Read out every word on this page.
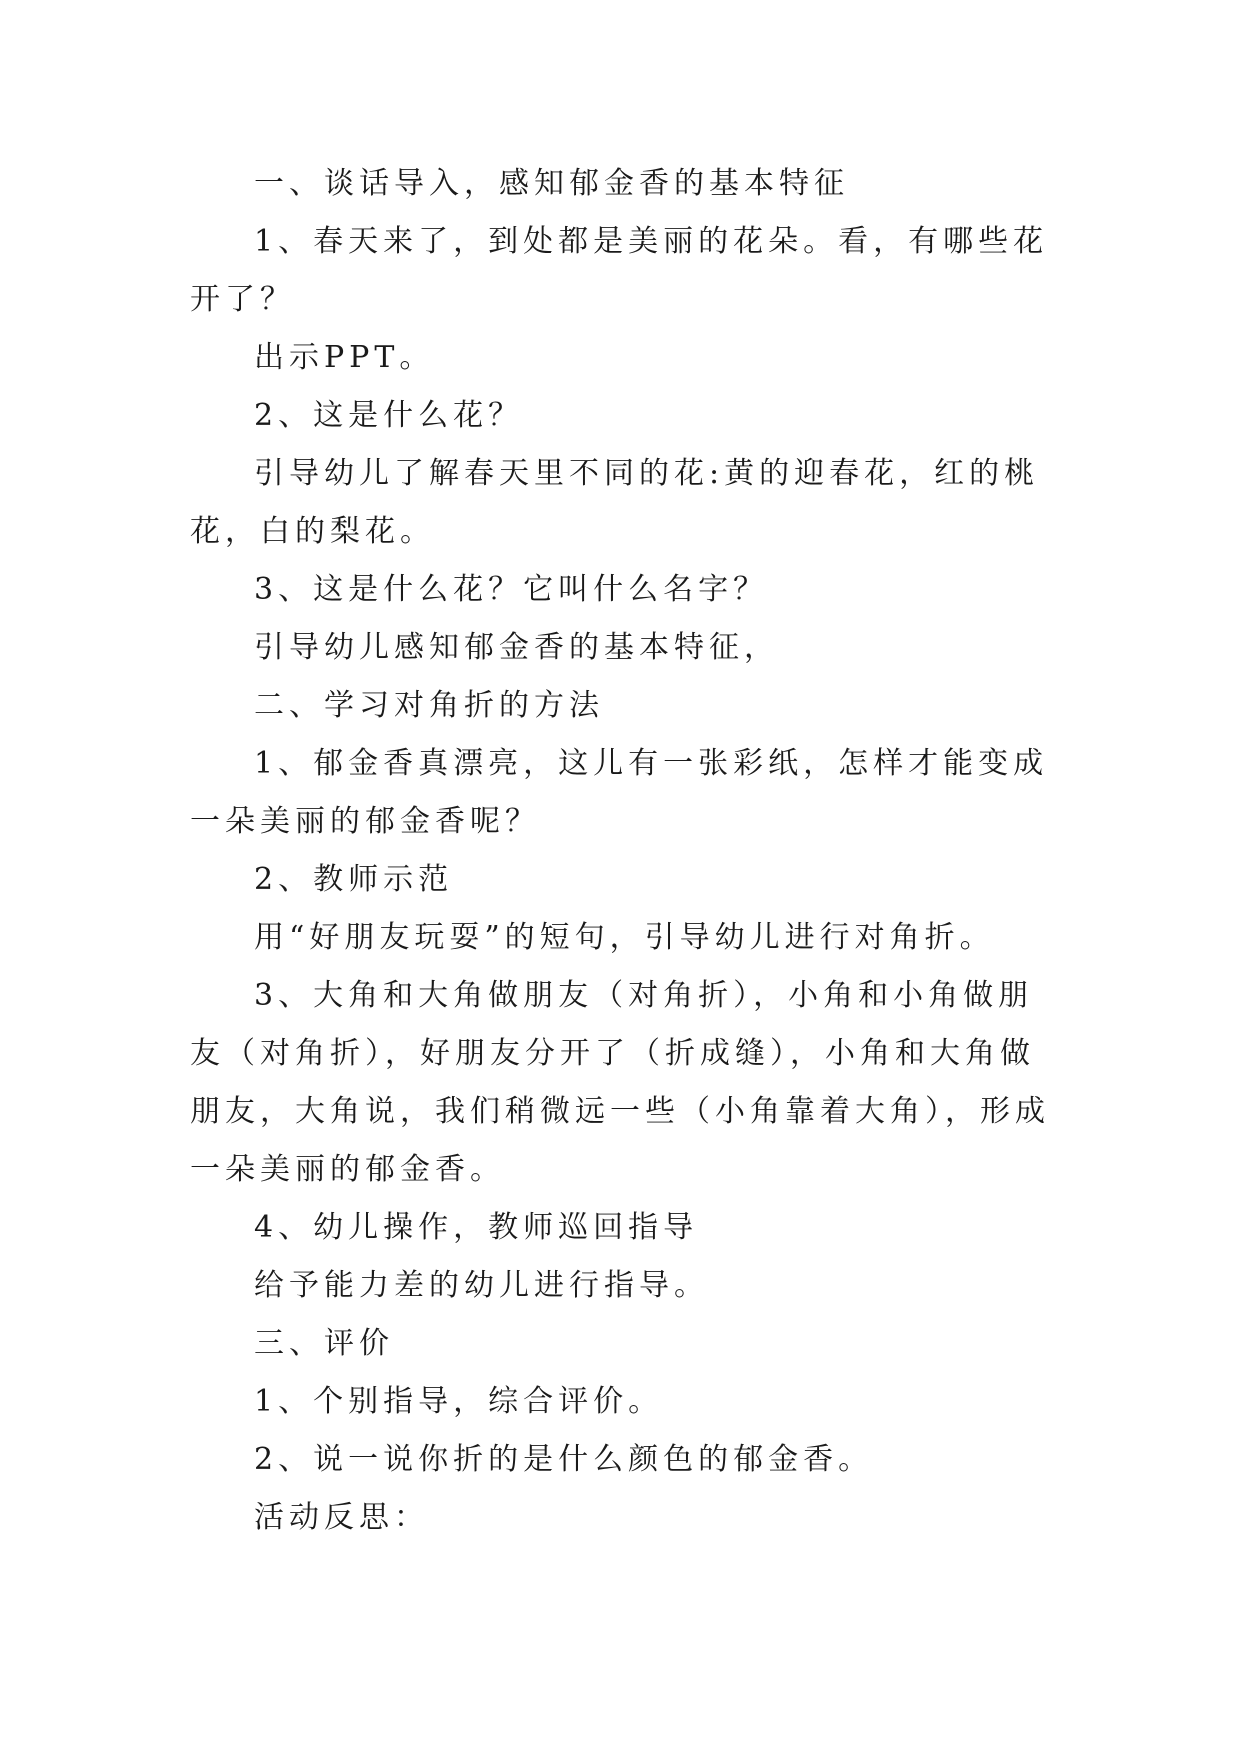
一、谈话导入，感知郁金香的基本特征

1、春天来了，到处都是美丽的花朵。看，有哪些花开了？

出示PPT。

2、这是什么花？

引导幼儿了解春天里不同的花:黄的迎春花，红的桃花，白的梨花。

3、这是什么花？它叫什么名字？

引导幼儿感知郁金香的基本特征，

二、学习对角折的方法

1、郁金香真漂亮，这儿有一张彩纸，怎样才能变成一朵美丽的郁金香呢？

2、教师示范

用“好朋友玩耍”的短句，引导幼儿进行对角折。

3、大角和大角做朋友（对角折），小角和小角做朋友（对角折），好朋友分开了（折成缝），小角和大角做朋友，大角说，我们稍微远一些（小角靠着大角），形成一朵美丽的郁金香。

4、幼儿操作，教师巡回指导

给予能力差的幼儿进行指导。

三、评价

1、个别指导，综合评价。

2、说一说你折的是什么颜色的郁金香。

活动反思：
